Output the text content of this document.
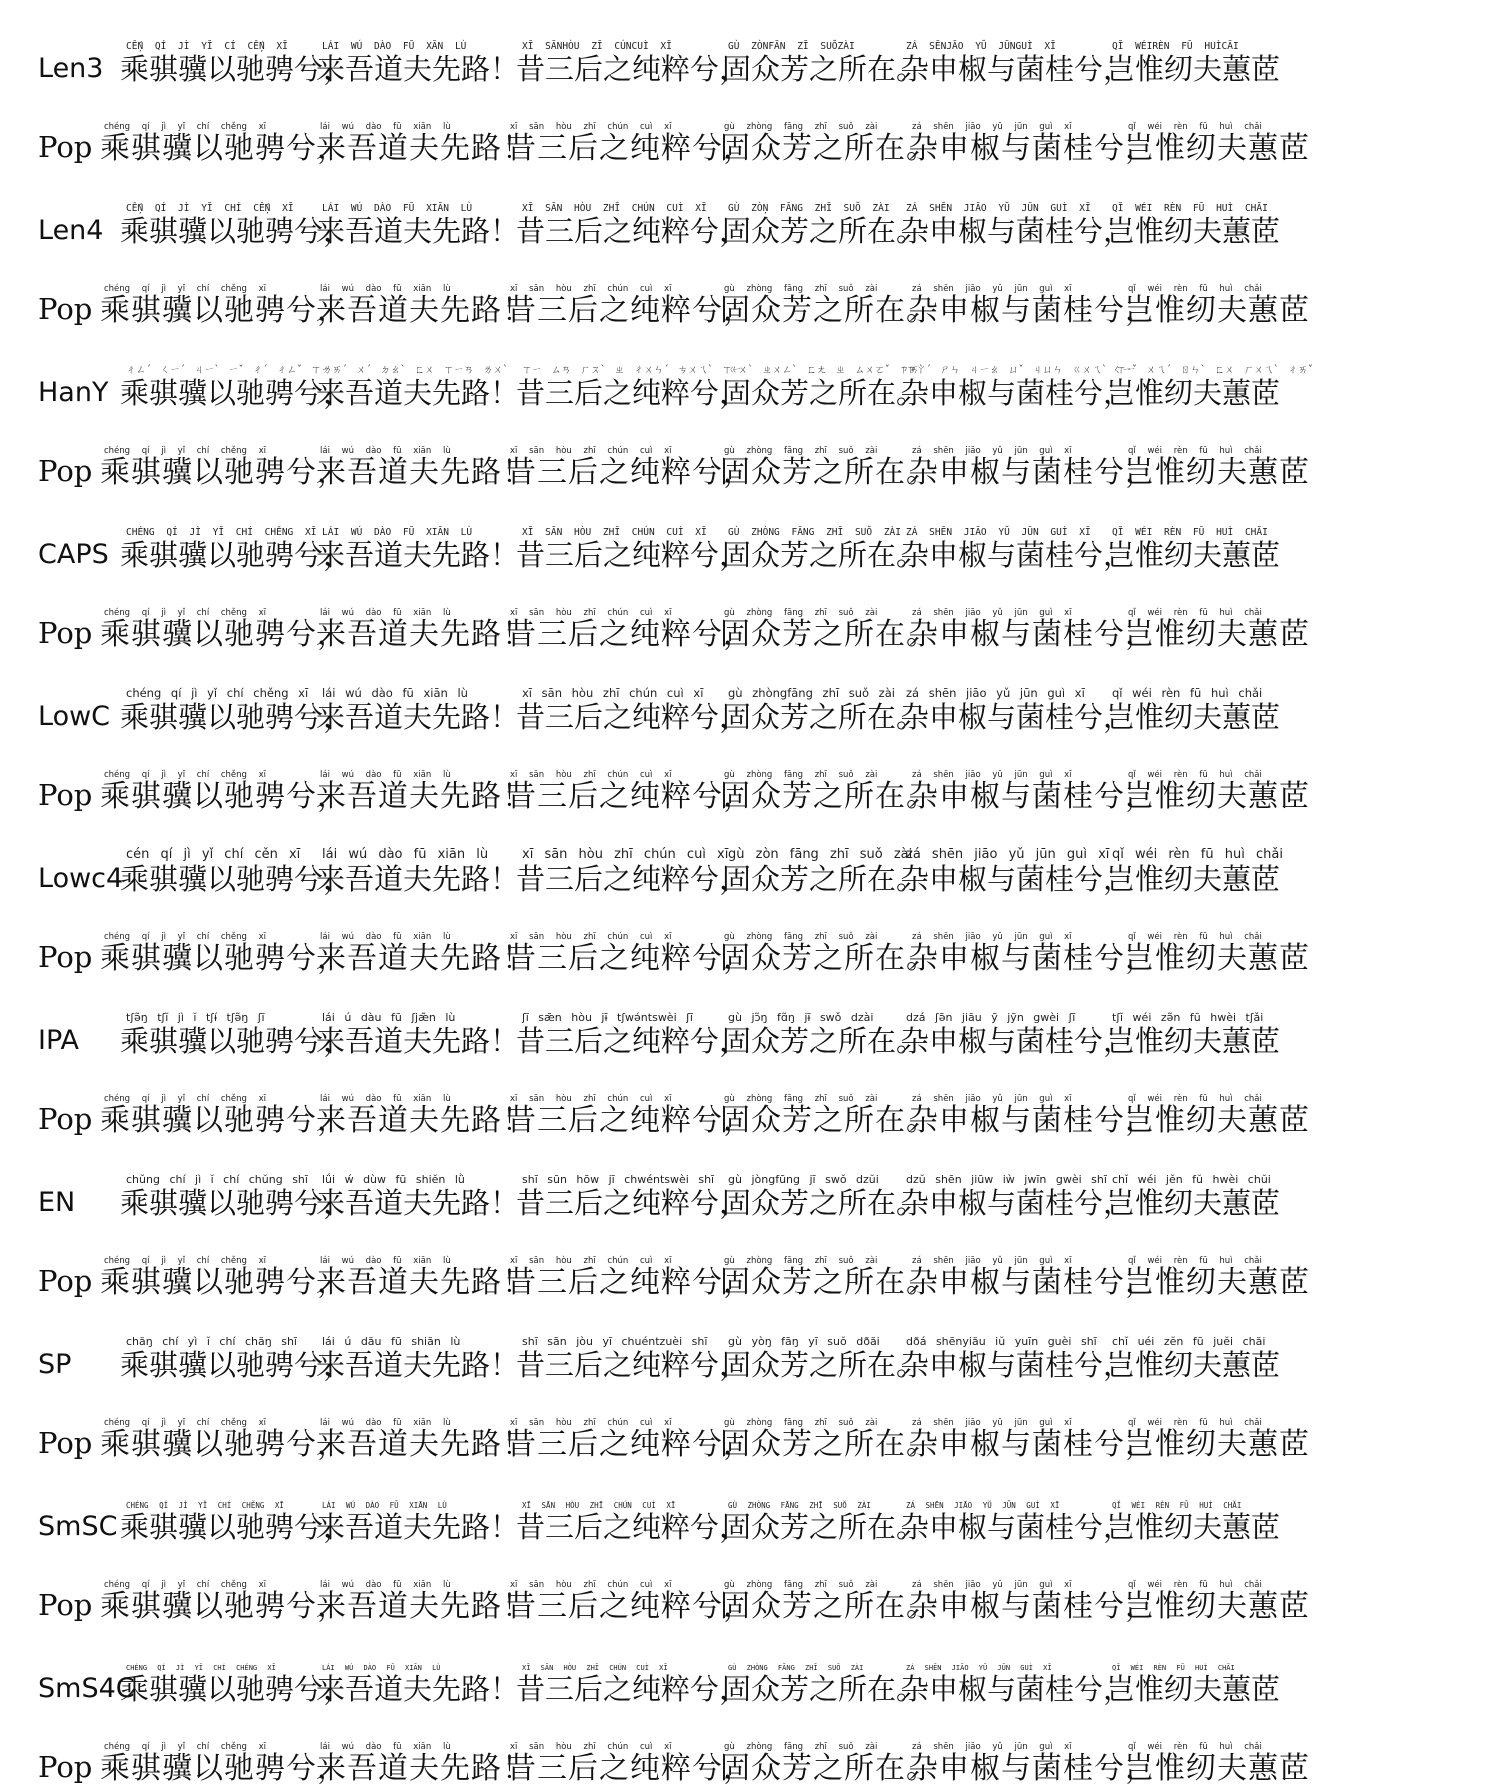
Len3
CẾŅ QÍ JÌ YĬ CÍ CẾŅ XĪ
乘骐骥以驰骋兮，
LÁI WÚ DÀO FŪ XĀN LÙ
来吾道夫先路！
XĪ SĀNHÒU ZĪ CÚNCUÌ XĪ
昔三后之纯粹兮，
GÙ ZÒNFĀN ZĪ SUŎZÀI
固众芳之所在。
ZÁ SĒNJĀO YŬ JŪNGUÌ XĪ
杂申椒与菌桂兮，
QĬ WÉIRÈN FŪ HUÌCĀI
岂惟纫夫蕙茝
Pop
chéng qí jì yǐ chí chěng xī
乘骐骥以驰骋兮，
lái wú dào fū xiān lù
来吾道夫先路！
xī sān hòu zhī chún cuì xī
昔三后之纯粹兮，
gù zhòng fāng zhī suǒ zài
固众芳之所在。
zá shēn jiāo yǔ jūn guì xī
杂申椒与菌桂兮，
qǐ wéi rèn fū huì chǎi
岂惟纫夫蕙茝
Len4
CẾŅ QÍ JÌ YĬ CHÍ CẾŅ XĪ
乘骐骥以驰骋兮，
LÁI WÚ DÀO FŪ XIĀN LÙ
来吾道夫先路！
XĪ SĀN HÒU ZHĪ CHÚN CUÌ XĪ
昔三后之纯粹兮，
GÙ ZÒŅ FĀNG ZHĪ SUŎ ZÀI
固众芳之所在。
ZÁ SHĒN JIĀO YŬ JŪN GUÌ XĪ
杂申椒与菌桂兮，
QĬ WÉI RÈN FŪ HUÌ CHĂI
岂惟纫夫蕙茝
Pop
chéng qí jì yǐ chí chěng xī
乘骐骥以驰骋兮，
lái wú dào fū xiān lù
来吾道夫先路！
xī sān hòu zhī chún cuì xī
昔三后之纯粹兮，
gù zhòng fāng zhī suǒ zài
固众芳之所在。
zá shēn jiāo yǔ jūn guì xī
杂申椒与菌桂兮，
qǐ wéi rèn fū huì chǎi
岂惟纫夫蕙茝
HanY
ㄔㄥˊ ㄑㄧˊ ㄐㄧˋ ㄧˇ ㄔˊ ㄔㄥˇ ㄒㄧ
乘骐骥以驰骋兮，
ㄌㄞˊ ㄨˊ ㄉㄠˋ ㄈㄨ ㄒㄧㄢ ㄌㄨˋ
来吾道夫先路！
ㄒㄧ ㄙㄢ ㄏㄡˋ ㄓ ㄔㄨㄣˊ ㄘㄨㄟˋ ㄒㄧ
昔三后之纯粹兮，
ㄍㄨˋ ㄓㄨㄥˋ ㄈㄤ ㄓ ㄙㄨㄛˇ ㄗㄞˋ
固众芳之所在。
ㄗㄚˊ ㄕㄣ ㄐㄧㄠ ㄩˇ ㄐㄩㄣ ㄍㄨㄟˋ ㄒㄧ
杂申椒与菌桂兮，
ㄑㄧˇ ㄨㄟˊ ㄖㄣˋ ㄈㄨ ㄏㄨㄟˋ ㄔㄞˇ
岂惟纫夫蕙茝
Pop
chéng qí jì yǐ chí chěng xī
乘骐骥以驰骋兮，
lái wú dào fū xiān lù
来吾道夫先路！
xī sān hòu zhī chún cuì xī
昔三后之纯粹兮，
gù zhòng fāng zhī suǒ zài
固众芳之所在。
zá shēn jiāo yǔ jūn guì xī
杂申椒与菌桂兮，
qǐ wéi rèn fū huì chǎi
岂惟纫夫蕙茝
CAPS
CHÉNG QÍ JÌ YĬ CHÍ CHĚNG XĪ
乘骐骥以驰骋兮，
LÁI WÚ DÀO FŪ XIĀN LÙ
来吾道夫先路！
XĪ SĀN HÒU ZHĪ CHÚN CUÌ XĪ
昔三后之纯粹兮，
GÙ ZHÒNG FĀNG ZHĪ SUŎ ZÀI
固众芳之所在。
ZÁ SHĒN JIĀO YŬ JŪN GUÌ XĪ
杂申椒与菌桂兮，
QĬ WÉI RÈN FŪ HUÌ CHĂI
岂惟纫夫蕙茝
Pop
chéng qí jì yǐ chí chěng xī
乘骐骥以驰骋兮，
lái wú dào fū xiān lù
来吾道夫先路！
xī sān hòu zhī chún cuì xī
昔三后之纯粹兮，
gù zhòng fāng zhī suǒ zài
固众芳之所在。
zá shēn jiāo yǔ jūn guì xī
杂申椒与菌桂兮，
qǐ wéi rèn fū huì chǎi
岂惟纫夫蕙茝
LowC
chéng qí jì yǐ chí chěng xī
乘骐骥以驰骋兮，
lái wú dào fū xiān lù
来吾道夫先路！
xī sān hòu zhī chún cuì xī
昔三后之纯粹兮，
gù zhòngfāng zhī suǒ zài
固众芳之所在。
zá shēn jiāo yǔ jūn guì xī
杂申椒与菌桂兮，
qǐ wéi rèn fū huì chǎi
岂惟纫夫蕙茝
Pop
chéng qí jì yǐ chí chěng xī
乘骐骥以驰骋兮，
lái wú dào fū xiān lù
来吾道夫先路！
xī sān hòu zhī chún cuì xī
昔三后之纯粹兮，
gù zhòng fāng zhī suǒ zài
固众芳之所在。
zá shēn jiāo yǔ jūn guì xī
杂申椒与菌桂兮，
qǐ wéi rèn fū huì chǎi
岂惟纫夫蕙茝
Lowc4
cén qí jì yǐ chí cěn xī
乘骐骥以驰骋兮，
lái wú dào fū xiān lù
来吾道夫先路！
xī sān hòu zhī chún cuì xī
昔三后之纯粹兮，
gù zòn fāng zhī suǒ zài
固众芳之所在。
zá shēn jiāo yǔ jūn guì xī
杂申椒与菌桂兮，
qǐ wéi rèn fū huì chǎi
岂惟纫夫蕙茝
Pop
chéng qí jì yǐ chí chěng xī
乘骐骥以驰骋兮，
lái wú dào fū xiān lù
来吾道夫先路！
xī sān hòu zhī chún cuì xī
昔三后之纯粹兮，
gù zhòng fāng zhī suǒ zài
固众芳之所在。
zá shēn jiāo yǔ jūn guì xī
杂申椒与菌桂兮，
qǐ wéi rèn fū huì chǎi
岂惟纫夫蕙茝
IPA
tʃə̃ŋ tʃĭ jì ĭ tʃɨ́ tʃə̃ŋ ʃī
乘骐骥以驰骋兮，
lái ú dàu fū ʃjæ̃n lù
来吾道夫先路！
ʃī sǣn hòu jɨ̄ tʃwə́ntswèi ʃī
昔三后之纯粹兮，
gù jɔ̃ŋ fɑ̃ŋ jɨ̄ swǒ dzài
固众芳之所在。
dzá ʃə̄n jiāu ỹ jỹn gwèi ʃī
杂申椒与菌桂兮，
tʃĭ wéi zə̃n fū hwèi tʃǎi
岂惟纫夫蕙茝
Pop
chéng qí jì yǐ chí chěng xī
乘骐骥以驰骋兮，
lái wú dào fū xiān lù
来吾道夫先路！
xī sān hòu zhī chún cuì xī
昔三后之纯粹兮，
gù zhòng fāng zhī suǒ zài
固众芳之所在。
zá shēn jiāo yǔ jūn guì xī
杂申椒与菌桂兮，
qǐ wéi rèn fū huì chǎi
岂惟纫夫蕙茝
EN
chŭng chí jì ĭ chí chŭng shī
乘骐骥以驰骋兮，
lǘi ẃ dùw fū shiĕn lǜ
来吾道夫先路！
shī sūn hōw jī chwéntswèi shī
昔三后之纯粹兮，
gù jòngfūng jī swŏ dzŭi
固众芳之所在。
dzŭ shēn jiūw iẁ jwīn gwèi shī
杂申椒与菌桂兮，
chĭ wéi jĕn fŭ hwèi chŭi
岂惟纫夫蕙茝
Pop
chéng qí jì yǐ chí chěng xī
乘骐骥以驰骋兮，
lái wú dào fū xiān lù
来吾道夫先路！
xī sān hòu zhī chún cuì xī
昔三后之纯粹兮，
gù zhòng fāng zhī suǒ zài
固众芳之所在。
zá shēn jiāo yǔ jūn guì xī
杂申椒与菌桂兮，
qǐ wéi rèn fū huì chǎi
岂惟纫夫蕙茝
SP
chăŋ chí yì ĭ chí chăŋ shī
乘骐骥以驰骋兮，
lái ú dău fū shiăn lù
来吾道夫先路！
shī sān jòu yī chuéntzuèi shī
昔三后之纯粹兮，
gù yòŋ fāŋ yī suŏ dðăi
固众芳之所在。
dðá shēnyiău iŭ yuīn guèi shī
杂申椒与菌桂兮，
chĭ uéi zĕn fū juĕi chăi
岂惟纫夫蕙茝
Pop
chéng qí jì yǐ chí chěng xī
乘骐骥以驰骋兮，
lái wú dào fū xiān lù
来吾道夫先路！
xī sān hòu zhī chún cuì xī
昔三后之纯粹兮，
gù zhòng fāng zhī suǒ zài
固众芳之所在。
zá shēn jiāo yǔ jūn guì xī
杂申椒与菌桂兮，
qǐ wéi rèn fū huì chǎi
岂惟纫夫蕙茝
SmSC
CHÉNG QÍ JÌ YĬ CHÍ CHĚNG XĪ
乘骐骥以驰骋兮，
LÁI WÚ DÀO FŪ XIĀN LÙ
来吾道夫先路！
XĪ SĀN HÒU ZHĪ CHÚN CUÌ XĪ
昔三后之纯粹兮，
GÙ ZHÒNG FĀNG ZHĪ SUŎ ZÀI
固众芳之所在。
ZÁ SHĒN JIĀO YŬ JŪN GUÌ XĪ
杂申椒与菌桂兮，
QĬ WÉI RÈN FŪ HUÌ CHĂI
岂惟纫夫蕙茝
Pop
chéng qí jì yǐ chí chěng xī
乘骐骥以驰骋兮，
lái wú dào fū xiān lù
来吾道夫先路！
xī sān hòu zhī chún cuì xī
昔三后之纯粹兮，
gù zhòng fāng zhī suǒ zài
固众芳之所在。
zá shēn jiāo yǔ jūn guì xī
杂申椒与菌桂兮，
qǐ wéi rèn fū huì chǎi
岂惟纫夫蕙茝
SmS4C
CHÉNG QÍ JÌ YĬ CHÍ CHĚNG XĪ
乘骐骥以驰骋兮，
LÁI WÚ DÀO FŪ XIĀN LÙ
来吾道夫先路！
XĪ SĀN HÒU ZHĪ CHÚN CUÌ XĪ
昔三后之纯粹兮，
GÙ ZHÒNG FĀNG ZHĪ SUŎ ZÀI
固众芳之所在。
ZÁ SHĒN JIĀO YŬ JŪN GUÌ XĪ
杂申椒与菌桂兮，
QĬ WÉI RÈN FŪ HUÌ CHĂI
岂惟纫夫蕙茝
Pop
chéng qí jì yǐ chí chěng xī
乘骐骥以驰骋兮，
lái wú dào fū xiān lù
来吾道夫先路！
xī sān hòu zhī chún cuì xī
昔三后之纯粹兮，
gù zhòng fāng zhī suǒ zài
固众芳之所在。
zá shēn jiāo yǔ jūn guì xī
杂申椒与菌桂兮，
qǐ wéi rèn fū huì chǎi
岂惟纫夫蕙茝
